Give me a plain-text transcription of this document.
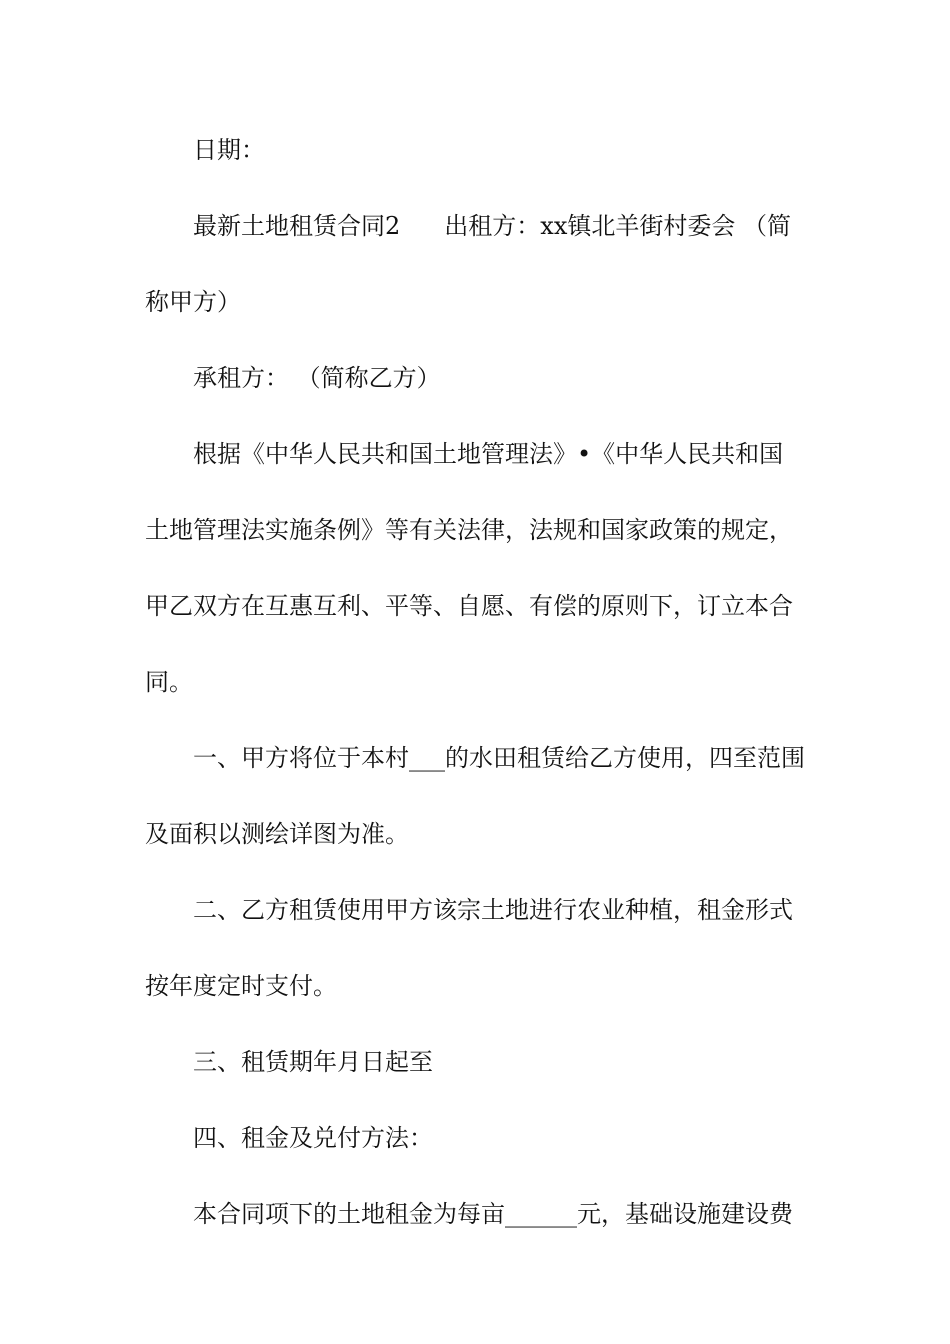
日期：
最新土地租赁合同2 出租方：xx镇北羊街村委会 （简
称甲方）
承租方： （简称乙方）
根据《中华人民共和国土地管理法》•《中华人民共和国
土地管理法实施条例》等有关法律，法规和国家政策的规定，
甲乙双方在互惠互利、平等、自愿、有偿的原则下，订立本合
同。
一、甲方将位于本村___的水田租赁给乙方使用，四至范围
及面积以测绘详图为准。
二、乙方租赁使用甲方该宗土地进行农业种植，租金形式
按年度定时支付。
三、租赁期年月日起至
四、租金及兑付方法：
本合同项下的土地租金为每亩______元，基础设施建设费
